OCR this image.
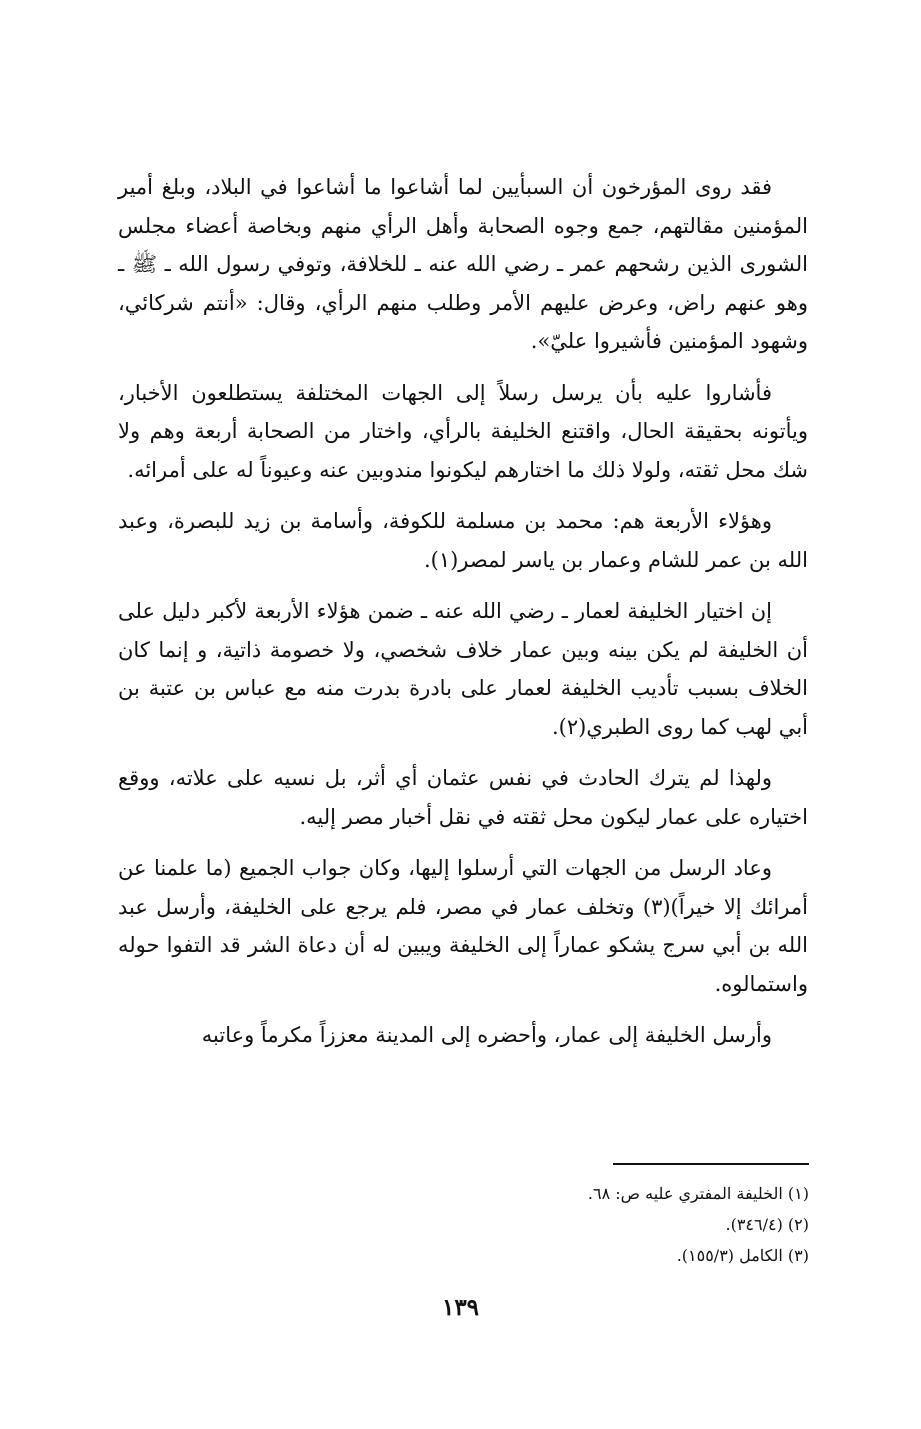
فقد روى المؤرخون أن السبأيين لما أشاعوا ما أشاعوا في البلاد، وبلغ أمير المؤمنين مقالتهم، جمع وجوه الصحابة وأهل الرأي منهم وبخاصة أعضاء مجلس الشورى الذين رشحهم عمر ـ رضي الله عنه ـ للخلافة، وتوفي رسول الله ـ ﷺ ـ وهو عنهم راض، وعرض عليهم الأمر وطلب منهم الرأي، وقال: «أنتم شركائي، وشهود المؤمنين فأشيروا عليّ».

فأشاروا عليه بأن يرسل رسلاً إلى الجهات المختلفة يستطلعون الأخبار، ويأتونه بحقيقة الحال، واقتنع الخليفة بالرأي، واختار من الصحابة أربعة وهم ولا شك محل ثقته، ولولا ذلك ما اختارهم ليكونوا مندوبين عنه وعيوناً له على أمرائه.

وهؤلاء الأربعة هم: محمد بن مسلمة للكوفة، وأسامة بن زيد للبصرة، وعبد الله بن عمر للشام وعمار بن ياسر لمصر(١).

إن اختيار الخليفة لعمار ـ رضي الله عنه ـ ضمن هؤلاء الأربعة لأكبر دليل على أن الخليفة لم يكن بينه وبين عمار خلاف شخصي، ولا خصومة ذاتية، و إنما كان الخلاف بسبب تأديب الخليفة لعمار على بادرة بدرت منه مع عباس بن عتبة بن أبي لهب كما روى الطبري(٢).

ولهذا لم يترك الحادث في نفس عثمان أي أثر، بل نسيه على علاته، ووقع اختياره على عمار ليكون محل ثقته في نقل أخبار مصر إليه.

وعاد الرسل من الجهات التي أرسلوا إليها، وكان جواب الجميع (ما علمنا عن أمرائك إلا خيراً)(٣) وتخلف عمار في مصر، فلم يرجع على الخليفة، وأرسل عبد الله بن أبي سرج يشكو عماراً إلى الخليفة ويبين له أن دعاة الشر قد التفوا حوله واستمالوه.

وأرسل الخليفة إلى عمار، وأحضره إلى المدينة معززاً مكرماً وعاتبه

(١) الخليفة المفتري عليه ص: ٦٨.

(٢) (٣٤٦/٤).

(٣) الكامل (١٥٥/٣).

١٣٩
